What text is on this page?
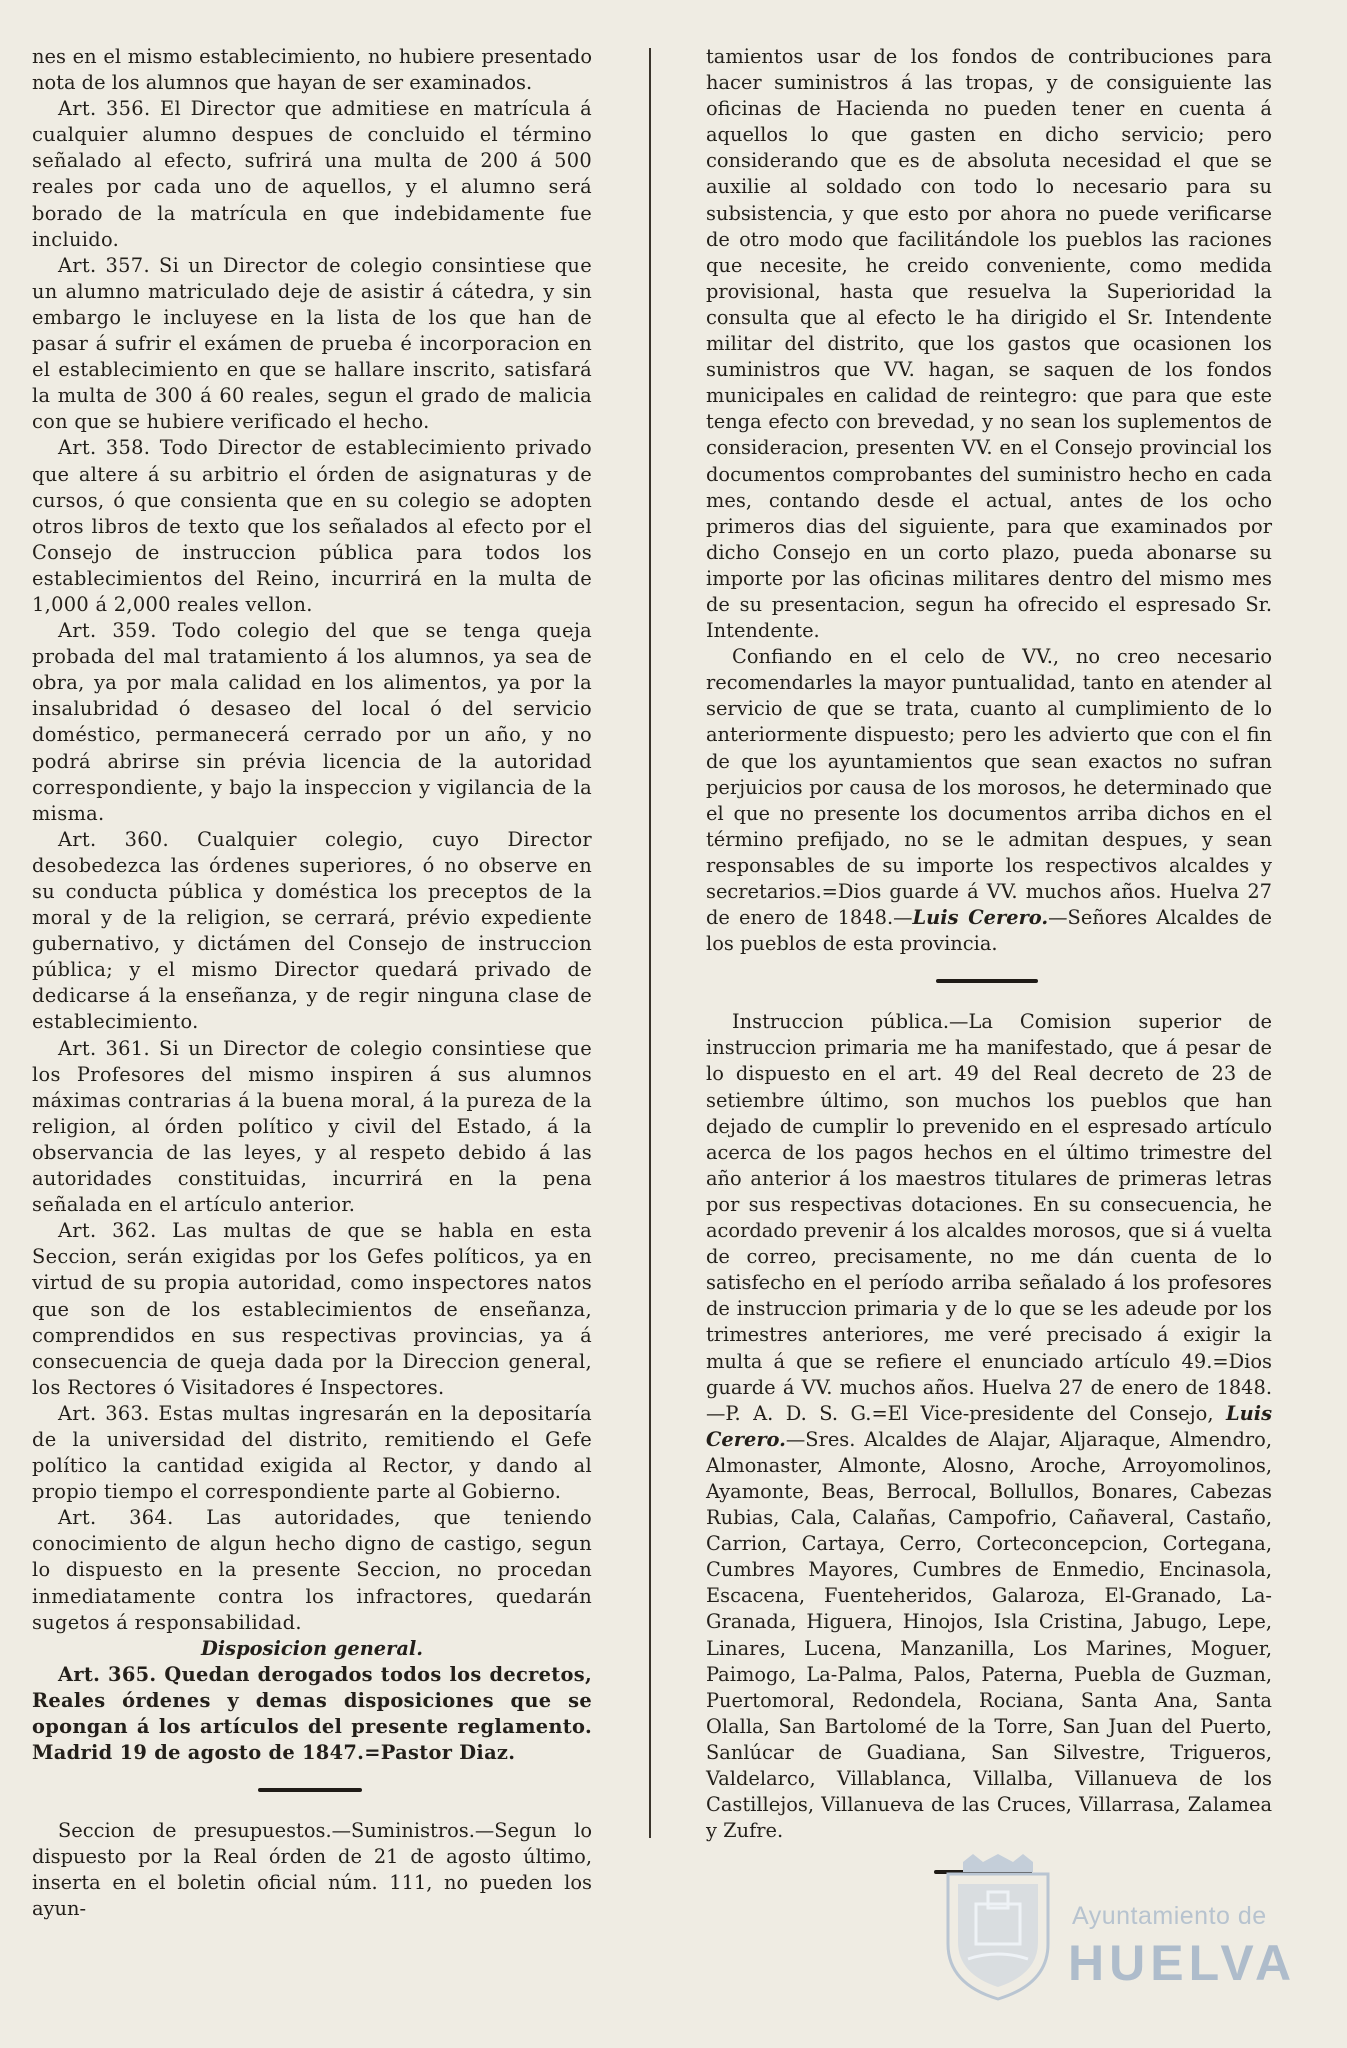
nes en el mismo establecimiento, no hubiere presentado nota de los alumnos que hayan de ser examinados.

Art. 356. El Director que admitiese en matrícula á cualquier alumno despues de concluido el término señalado al efecto, sufrirá una multa de 200 á 500 reales por cada uno de aquellos, y el alumno será borado de la matrícula en que indebidamente fue incluido.

Art. 357. Si un Director de colegio consintiese que un alumno matriculado deje de asistir á cátedra, y sin embargo le incluyese en la lista de los que han de pasar á sufrir el exámen de prueba é incorporacion en el establecimiento en que se hallare inscrito, satisfará la multa de 300 á 60 reales, segun el grado de malicia con que se hubiere verificado el hecho.

Art. 358. Todo Director de establecimiento privado que altere á su arbitrio el órden de asignaturas y de cursos, ó que consienta que en su colegio se adopten otros libros de texto que los señalados al efecto por el Consejo de instruccion pública para todos los establecimientos del Reino, incurrirá en la multa de 1,000 á 2,000 reales vellon.

Art. 359. Todo colegio del que se tenga queja probada del mal tratamiento á los alumnos, ya sea de obra, ya por mala calidad en los alimentos, ya por la insalubridad ó desaseo del local ó del servicio doméstico, permanecerá cerrado por un año, y no podrá abrirse sin prévia licencia de la autoridad correspondiente, y bajo la inspeccion y vigilancia de la misma.

Art. 360. Cualquier colegio, cuyo Director desobedezca las órdenes superiores, ó no observe en su conducta pública y doméstica los preceptos de la moral y de la religion, se cerrará, prévio expediente gubernativo, y dictámen del Consejo de instruccion pública; y el mismo Director quedará privado de dedicarse á la enseñanza, y de regir ninguna clase de establecimiento.

Art. 361. Si un Director de colegio consintiese que los Profesores del mismo inspiren á sus alumnos máximas contrarias á la buena moral, á la pureza de la religion, al órden político y civil del Estado, á la observancia de las leyes, y al respeto debido á las autoridades constituidas, incurrirá en la pena señalada en el artículo anterior.

Art. 362. Las multas de que se habla en esta Seccion, serán exigidas por los Gefes políticos, ya en virtud de su propia autoridad, como inspectores natos que son de los establecimientos de enseñanza, comprendidos en sus respectivas provincias, ya á consecuencia de queja dada por la Direccion general, los Rectores ó Visitadores é Inspectores.

Art. 363. Estas multas ingresarán en la depositaría de la universidad del distrito, remitiendo el Gefe político la cantidad exigida al Rector, y dando al propio tiempo el correspondiente parte al Gobierno.

Art. 364. Las autoridades, que teniendo conocimiento de algun hecho digno de castigo, segun lo dispuesto en la presente Seccion, no procedan inmediatamente contra los infractores, quedarán sugetos á responsabilidad.

Disposicion general.

Art. 365. Quedan derogados todos los decretos, Reales órdenes y demas disposiciones que se opongan á los artículos del presente reglamento. Madrid 19 de agosto de 1847.=Pastor Diaz.

Seccion de presupuestos.—Suministros.—Segun lo dispuesto por la Real órden de 21 de agosto último, inserta en el boletin oficial núm. 111, no pueden los ayun-

tamientos usar de los fondos de contribuciones para hacer suministros á las tropas, y de consiguiente las oficinas de Hacienda no pueden tener en cuenta á aquellos lo que gasten en dicho servicio; pero considerando que es de absoluta necesidad el que se auxilie al soldado con todo lo necesario para su subsistencia, y que esto por ahora no puede verificarse de otro modo que facilitándole los pueblos las raciones que necesite, he creido conveniente, como medida provisional, hasta que resuelva la Superioridad la consulta que al efecto le ha dirigido el Sr. Intendente militar del distrito, que los gastos que ocasionen los suministros que VV. hagan, se saquen de los fondos municipales en calidad de reintegro: que para que este tenga efecto con brevedad, y no sean los suplementos de consideracion, presenten VV. en el Consejo provincial los documentos comprobantes del suministro hecho en cada mes, contando desde el actual, antes de los ocho primeros dias del siguiente, para que examinados por dicho Consejo en un corto plazo, pueda abonarse su importe por las oficinas militares dentro del mismo mes de su presentacion, segun ha ofrecido el espresado Sr. Intendente.

Confiando en el celo de VV., no creo necesario recomendarles la mayor puntualidad, tanto en atender al servicio de que se trata, cuanto al cumplimiento de lo anteriormente dispuesto; pero les advierto que con el fin de que los ayuntamientos que sean exactos no sufran perjuicios por causa de los morosos, he determinado que el que no presente los documentos arriba dichos en el término prefijado, no se le admitan despues, y sean responsables de su importe los respectivos alcaldes y secretarios.=Dios guarde á VV. muchos años. Huelva 27 de enero de 1848.—Luis Cerero.—Señores Alcaldes de los pueblos de esta provincia.

Instruccion pública.—La Comision superior de instruccion primaria me ha manifestado, que á pesar de lo dispuesto en el art. 49 del Real decreto de 23 de setiembre último, son muchos los pueblos que han dejado de cumplir lo prevenido en el espresado artículo acerca de los pagos hechos en el último trimestre del año anterior á los maestros titulares de primeras letras por sus respectivas dotaciones. En su consecuencia, he acordado prevenir á los alcaldes morosos, que si á vuelta de correo, precisamente, no me dán cuenta de lo satisfecho en el período arriba señalado á los profesores de instruccion primaria y de lo que se les adeude por los trimestres anteriores, me veré precisado á exigir la multa á que se refiere el enunciado artículo 49.=Dios guarde á VV. muchos años. Huelva 27 de enero de 1848.—P. A. D. S. G.=El Vice-presidente del Consejo, Luis Cerero.—Sres. Alcaldes de Alajar, Aljaraque, Almendro, Almonaster, Almonte, Alosno, Aroche, Arroyomolinos, Ayamonte, Beas, Berrocal, Bollullos, Bonares, Cabezas Rubias, Cala, Calañas, Campofrio, Cañaveral, Castaño, Carrion, Cartaya, Cerro, Corteconcepcion, Cortegana, Cumbres Mayores, Cumbres de Enmedio, Encinasola, Escacena, Fuenteheridos, Galaroza, El-Granado, La-Granada, Higuera, Hinojos, Isla Cristina, Jabugo, Lepe, Linares, Lucena, Manzanilla, Los Marines, Moguer, Paimogo, La-Palma, Palos, Paterna, Puebla de Guzman, Puertomoral, Redondela, Rociana, Santa Ana, Santa Olalla, San Bartolomé de la Torre, San Juan del Puerto, Sanlúcar de Guadiana, San Silvestre, Trigueros, Valdelarco, Villablanca, Villalba, Villanueva de los Castillejos, Villanueva de las Cruces, Villarrasa, Zalamea y Zufre.

Ayuntamiento de
HUELVA
